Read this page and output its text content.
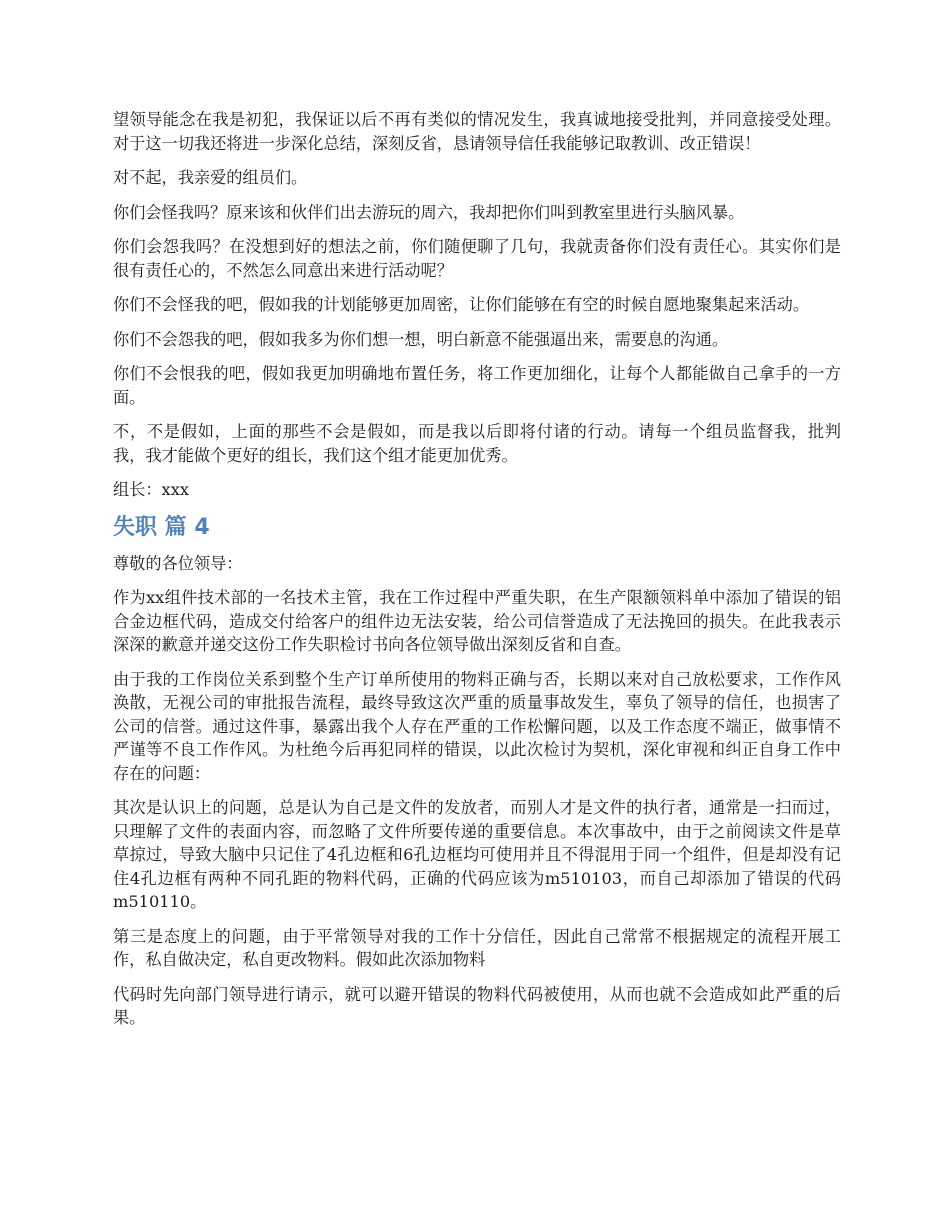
望领导能念在我是初犯，我保证以后不再有类似的情况发生，我真诚地接受批判，并同意接受处理。对于这一切我还将进一步深化总结，深刻反省，恳请领导信任我能够记取教训、改正错误！

对不起，我亲爱的组员们。

你们会怪我吗？原来该和伙伴们出去游玩的周六，我却把你们叫到教室里进行头脑风暴。

你们会怨我吗？在没想到好的想法之前，你们随便聊了几句，我就责备你们没有责任心。其实你们是很有责任心的，不然怎么同意出来进行活动呢？

你们不会怪我的吧，假如我的计划能够更加周密，让你们能够在有空的时候自愿地聚集起来活动。

你们不会怨我的吧，假如我多为你们想一想，明白新意不能强逼出来，需要息的沟通。

你们不会恨我的吧，假如我更加明确地布置任务，将工作更加细化，让每个人都能做自己拿手的一方面。

不，不是假如，上面的那些不会是假如，而是我以后即将付诸的行动。请每一个组员监督我，批判我，我才能做个更好的组长，我们这个组才能更加优秀。

组长：xxx

失职 篇 4

尊敬的各位领导：

作为xx组件技术部的一名技术主管，我在工作过程中严重失职，在生产限额领料单中添加了错误的铝合金边框代码，造成交付给客户的组件边无法安装，给公司信誉造成了无法挽回的损失。在此我表示深深的歉意并递交这份工作失职检讨书向各位领导做出深刻反省和自查。

由于我的工作岗位关系到整个生产订单所使用的物料正确与否，长期以来对自己放松要求，工作作风涣散，无视公司的审批报告流程，最终导致这次严重的质量事故发生，辜负了领导的信任，也损害了公司的信誉。通过这件事，暴露出我个人存在严重的工作松懈问题，以及工作态度不端正，做事情不严谨等不良工作作风。为杜绝今后再犯同样的错误，以此次检讨为契机，深化审视和纠正自身工作中存在的问题：

其次是认识上的问题，总是认为自己是文件的发放者，而别人才是文件的执行者，通常是一扫而过，只理解了文件的表面内容，而忽略了文件所要传递的重要信息。本次事故中，由于之前阅读文件是草草掠过，导致大脑中只记住了4孔边框和6孔边框均可使用并且不得混用于同一个组件，但是却没有记住4孔边框有两种不同孔距的物料代码，正确的代码应该为m510103，而自己却添加了错误的代码m510110。

第三是态度上的问题，由于平常领导对我的工作十分信任，因此自己常常不根据规定的流程开展工作，私自做决定，私自更改物料。假如此次添加物料

代码时先向部门领导进行请示，就可以避开错误的物料代码被使用，从而也就不会造成如此严重的后果。
